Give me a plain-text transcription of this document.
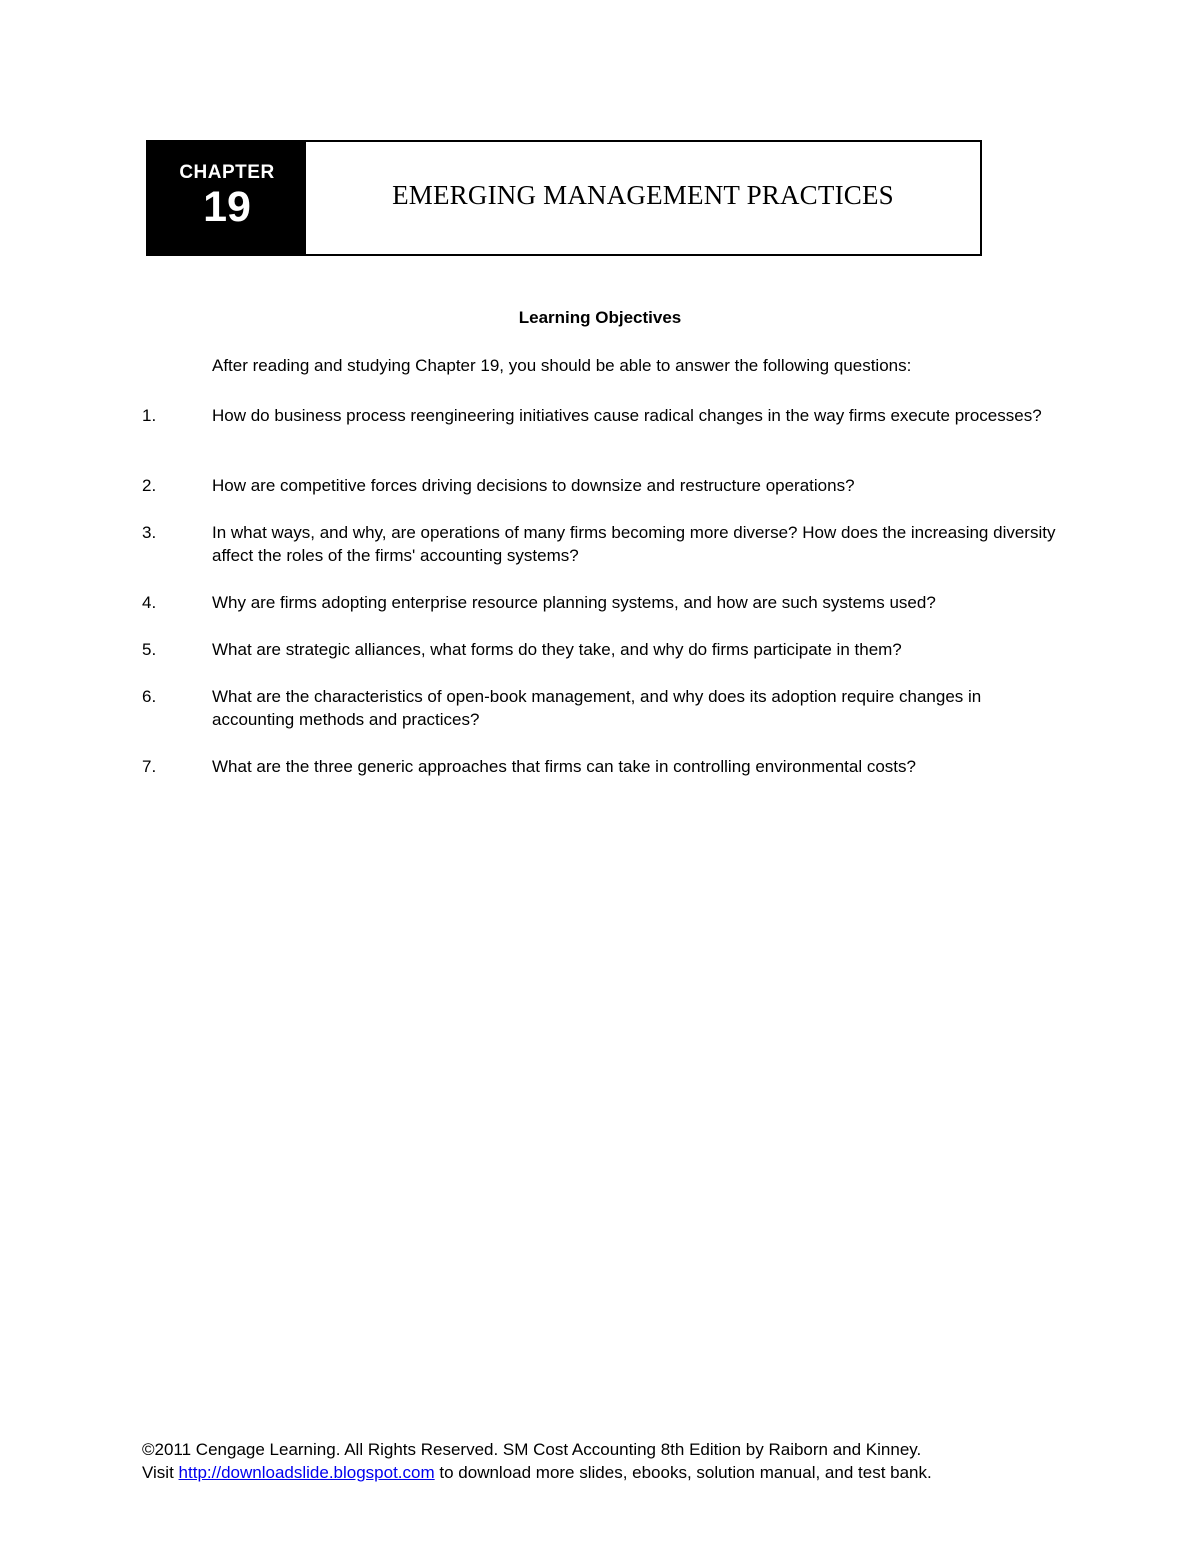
CHAPTER
19	EMERGING MANAGEMENT PRACTICES
Learning Objectives
After reading and studying Chapter 19, you should be able to answer the following questions:
1.	How do business process reengineering initiatives cause radical changes in the way firms execute processes?
2.	How are competitive forces driving decisions to downsize and restructure operations?
3.	In what ways, and why, are operations of many firms becoming more diverse? How does the increasing diversity affect the roles of the firms' accounting systems?
4.	Why are firms adopting enterprise resource planning systems, and how are such systems used?
5.	What are strategic alliances, what forms do they take, and why do firms participate in them?
6.	What are the characteristics of open-book management, and why does its adoption require changes in accounting methods and practices?
7.	What are the three generic approaches that firms can take in controlling environmental costs?
©2011 Cengage Learning. All Rights Reserved. SM Cost Accounting 8th Edition by Raiborn and Kinney.
Visit http://downloadslide.blogspot.com to download more slides, ebooks, solution manual, and test bank.
